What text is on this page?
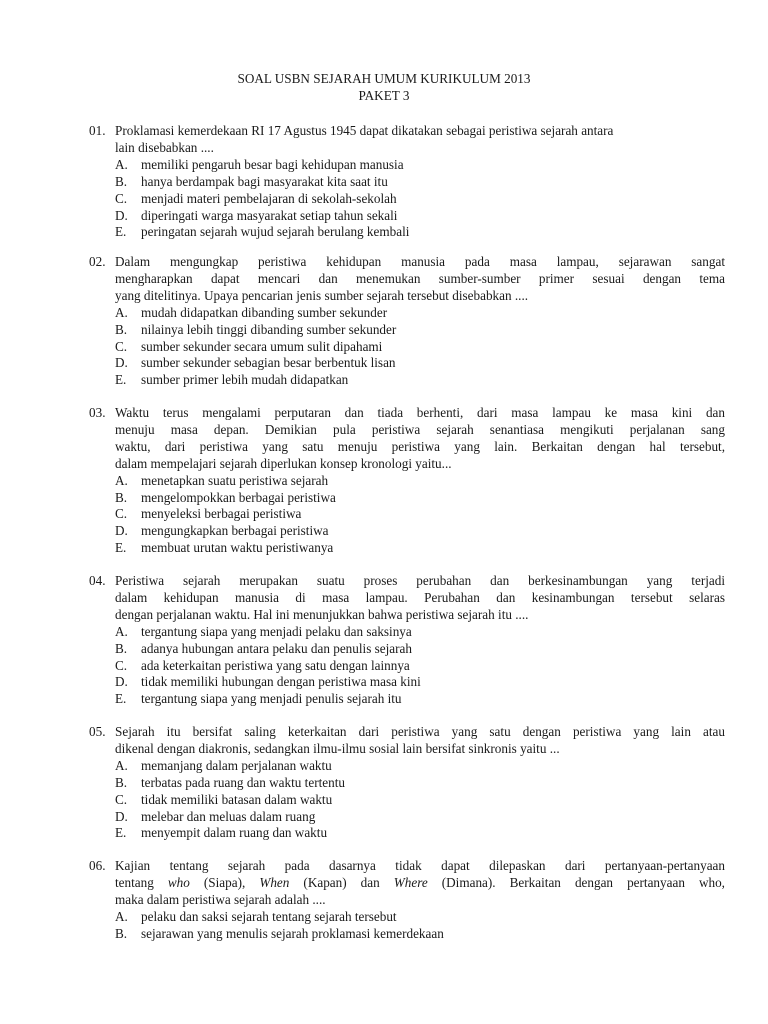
SOAL USBN SEJARAH UMUM KURIKULUM 2013
PAKET 3
01. Proklamasi kemerdekaan RI 17 Agustus 1945 dapat dikatakan sebagai peristiwa sejarah antara
lain disebabkan ....
A. memiliki pengaruh besar bagi kehidupan manusia
B. hanya berdampak bagi masyarakat kita saat itu
C. menjadi materi pembelajaran di sekolah-sekolah
D. diperingati warga masyarakat setiap tahun sekali
E. peringatan sejarah wujud sejarah berulang kembali
02. Dalam mengungkap peristiwa kehidupan manusia pada masa lampau, sejarawan sangat
mengharapkan dapat mencari dan menemukan sumber-sumber primer sesuai dengan tema
yang ditelitinya. Upaya pencarian jenis sumber sejarah tersebut disebabkan ....
A. mudah didapatkan dibanding sumber sekunder
B. nilainya lebih tinggi dibanding sumber sekunder
C. sumber sekunder secara umum sulit dipahami
D. sumber sekunder sebagian besar berbentuk lisan
E. sumber primer lebih mudah didapatkan
03. Waktu terus mengalami perputaran dan tiada berhenti, dari masa lampau ke masa kini dan
menuju masa depan. Demikian pula peristiwa sejarah senantiasa mengikuti perjalanan sang
waktu, dari peristiwa yang satu menuju peristiwa yang lain. Berkaitan dengan hal tersebut,
dalam mempelajari sejarah diperlukan konsep kronologi yaitu...
A. menetapkan suatu peristiwa sejarah
B. mengelompokkan berbagai peristiwa
C. menyeleksi berbagai peristiwa
D. mengungkapkan berbagai peristiwa
E. membuat urutan waktu peristiwanya
04. Peristiwa sejarah merupakan suatu proses perubahan dan berkesinambungan yang terjadi
dalam kehidupan manusia di masa lampau. Perubahan dan kesinambungan tersebut selaras
dengan perjalanan waktu. Hal ini menunjukkan bahwa peristiwa sejarah itu ....
A. tergantung siapa yang menjadi pelaku dan saksinya
B. adanya hubungan antara pelaku dan penulis sejarah
C. ada keterkaitan peristiwa yang satu dengan lainnya
D. tidak memiliki hubungan dengan peristiwa masa kini
E. tergantung siapa yang menjadi penulis sejarah itu
05. Sejarah itu bersifat saling keterkaitan dari peristiwa yang satu dengan peristiwa yang lain atau
dikenal dengan diakronis, sedangkan ilmu-ilmu sosial lain bersifat sinkronis yaitu ...
A. memanjang dalam perjalanan waktu
B. terbatas pada ruang dan waktu tertentu
C. tidak memiliki batasan dalam waktu
D. melebar dan meluas dalam ruang
E. menyempit dalam ruang dan waktu
06. Kajian tentang sejarah pada dasarnya tidak dapat dilepaskan dari pertanyaan-pertanyaan
tentang who (Siapa), When (Kapan) dan Where (Dimana). Berkaitan dengan pertanyaan who,
maka dalam peristiwa sejarah adalah ....
A. pelaku dan saksi sejarah tentang sejarah tersebut
B. sejarawan yang menulis sejarah proklamasi kemerdekaan
